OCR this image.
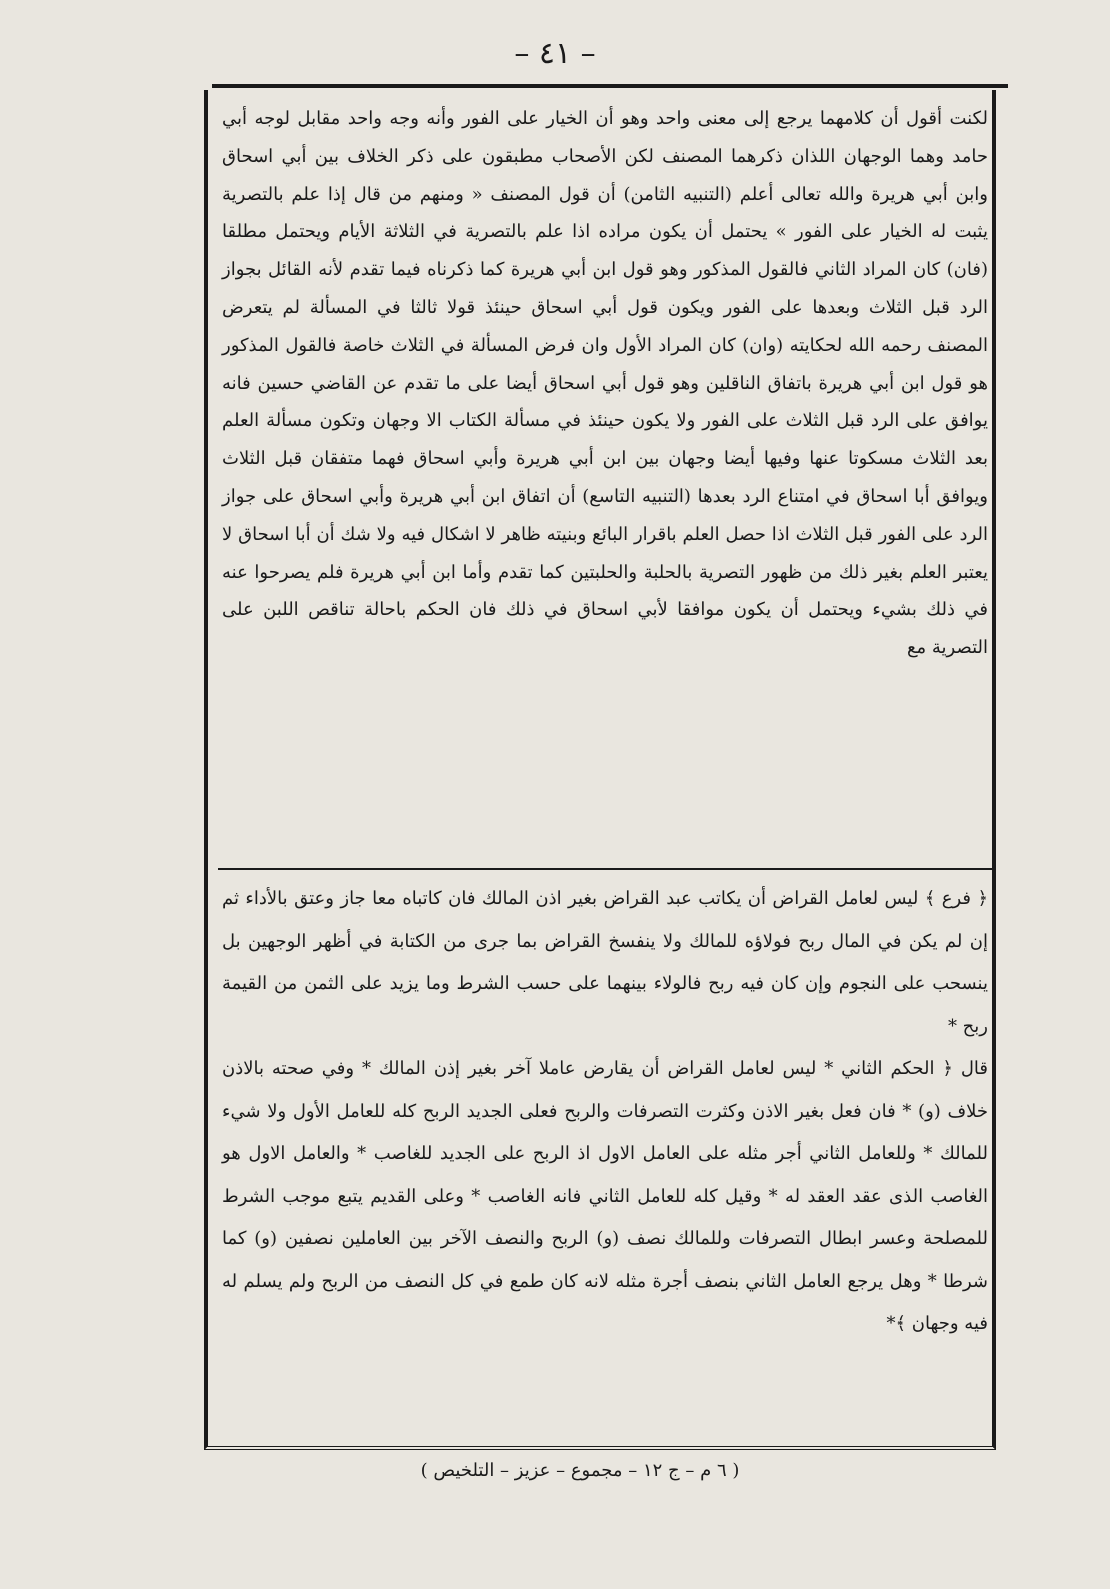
– ٤١ –

لكنت أقول أن كلامهما يرجع إلى معنى واحد وهو أن الخيار على الفور وأنه وجه واحد مقابل لوجه أبي حامد وهما الوجهان اللذان ذكرهما المصنف لكن الأصحاب مطبقون على ذكر الخلاف بين أبي اسحاق وابن أبي هريرة والله تعالى أعلم (التنبيه الثامن) أن قول المصنف « ومنهم من قال إذا علم بالتصرية يثبت له الخيار على الفور » يحتمل أن يكون مراده اذا علم بالتصرية في الثلاثة الأيام ويحتمل مطلقا (فان) كان المراد الثاني فالقول المذكور وهو قول ابن أبي هريرة كما ذكرناه فيما تقدم لأنه القائل بجواز الرد قبل الثلاث وبعدها على الفور ويكون قول أبي اسحاق حينئذ قولا ثالثا في المسألة لم يتعرض المصنف رحمه الله لحكايته (وان) كان المراد الأول وان فرض المسألة في الثلاث خاصة فالقول المذكور هو قول ابن أبي هريرة باتفاق الناقلين وهو قول أبي اسحاق أيضا على ما تقدم عن القاضي حسين فانه يوافق على الرد قبل الثلاث على الفور ولا يكون حينئذ في مسألة الكتاب الا وجهان وتكون مسألة العلم بعد الثلاث مسكوتا عنها وفيها أيضا وجهان بين ابن أبي هريرة وأبي اسحاق فهما متفقان قبل الثلاث ويوافق أبا اسحاق في امتناع الرد بعدها (التنبيه التاسع) أن اتفاق ابن أبي هريرة وأبي اسحاق على جواز الرد على الفور قبل الثلاث اذا حصل العلم باقرار البائع وبنيته ظاهر لا اشكال فيه ولا شك أن أبا اسحاق لا يعتبر العلم بغير ذلك من ظهور التصرية بالحلبة والحلبتين كما تقدم وأما ابن أبي هريرة فلم يصرحوا عنه في ذلك بشيء ويحتمل أن يكون موافقا لأبي اسحاق في ذلك فان الحكم باحالة تناقص اللبن على التصرية مع

﴿ فرع ﴾ ليس لعامل القراض أن يكاتب عبد القراض بغير اذن المالك فان كاتباه معا جاز وعتق بالأداء ثم إن لم يكن في المال ربح فولاؤه للمالك ولا ينفسخ القراض بما جرى من الكتابة في أظهر الوجهين بل ينسحب على النجوم وإن كان فيه ربح فالولاء بينهما على حسب الشرط وما يزيد على الثمن من القيمة ربح *

قال ﴿ الحكم الثاني * ليس لعامل القراض أن يقارض عاملا آخر بغير إذن المالك * وفي صحته بالاذن خلاف (و) * فان فعل بغير الاذن وكثرت التصرفات والربح فعلى الجديد الربح كله للعامل الأول ولا شيء للمالك * وللعامل الثاني أجر مثله على العامل الاول اذ الربح على الجديد للغاصب * والعامل الاول هو الغاصب الذى عقد العقد له * وقيل كله للعامل الثاني فانه الغاصب * وعلى القديم يتبع موجب الشرط للمصلحة وعسر ابطال التصرفات وللمالك نصف (و) الربح والنصف الآخر بين العاملين نصفين (و) كما شرطا * وهل يرجع العامل الثاني بنصف أجرة مثله لانه كان طمع في كل النصف من الربح ولم يسلم له فيه وجهان ﴾*

( ٦ م – ج ١٢ – مجموع – عزيز – التلخيص )
